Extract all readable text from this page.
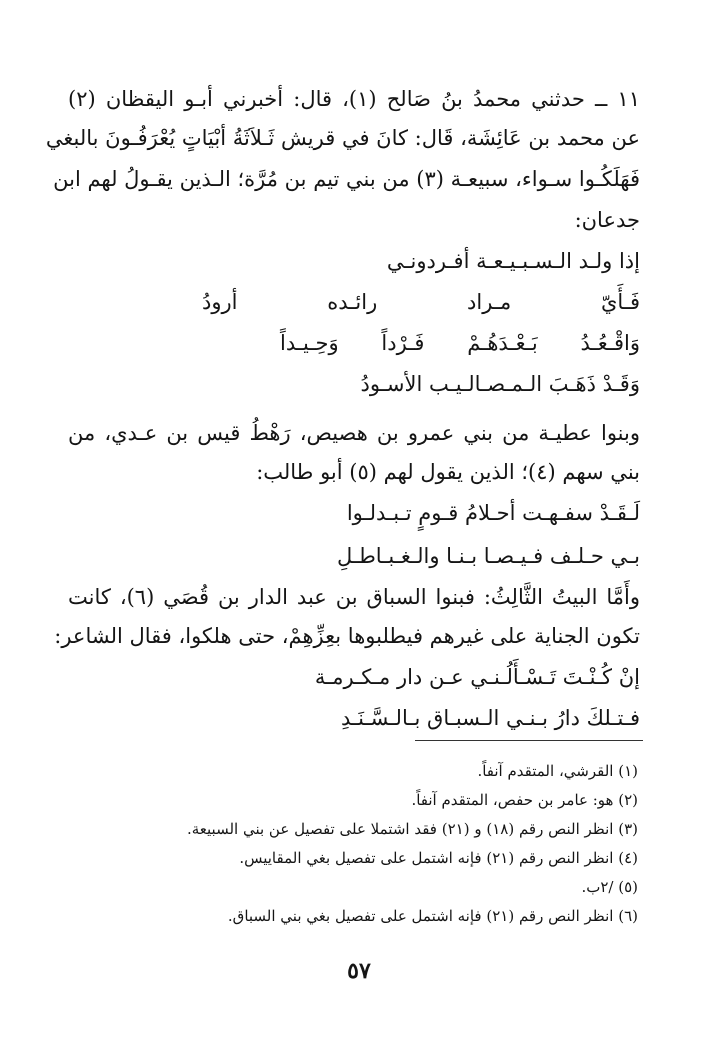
١١ ــ حدثني محمدُ بنُ صَالح (١)، قال: أخبرني أبـو اليقظان (٢)
عن محمد بن عَائِشَة، قَال: كانَ في قريش ثَـلاَثَةُ أبْيَاتٍ يُعْرَفُـونَ بالبغي
فَهَلَكُـوا سـواء، سبيعـة (٣) من بني تيم بن مُرَّة؛ الـذين يقـولُ لهم ابن
جدعان:
إذا ولـد الـسـبـيـعـة أفـردونـي
فَـأَيّ مـراد رائـده أرودُ
وَاقْـعُـدُ بَـعْـدَهُـمْ فَـرْداً وَحِـيـداً
وَقَـدْ ذَهَـبَ الـمـصـالـيـب الأسـودُ
وبنوا عطيـة من بني عمرو بن هصيص، رَهْطُ قيس بن عـدي، من
بني سهم (٤)؛ الذين يقول لهم (٥) أبو طالب:
لَـقَـدْ سفـهـت أحـلامُ قـومٍ تـبـدلـوا
بـي حـلـف فـيـصـا بـنـا والـغـبـاطـلِ
وأَمَّا البيتُ الثَّالِثُ: فبنوا السباق بن عبد الدار بن قُصَي (٦)، كانت
تكون الجناية على غيرهم فيطلبوها بعِزِّهِمْ، حتى هلكوا، فقال الشاعر:
إنْ كُـنْـتَ تَـسْـأَلُـنـي عـن دار مـكـرمـة
فـتـلكَ دارُ بـنـي الـسبـاق بـالـسَّـنَـدِ
(١) القرشي، المتقدم آنفاً.
(٢) هو: عامر بن حفص، المتقدم آنفاً.
(٣) انظر النص رقم (١٨) و (٢١) فقد اشتملا على تفصيل عن بني السبيعة.
(٤) انظر النص رقم (٢١) فإنه اشتمل على تفصيل بغي المقاييس.
(٥) /٢ب.
(٦) انظر النص رقم (٢١) فإنه اشتمل على تفصيل بغي بني السباق.
٥٧
